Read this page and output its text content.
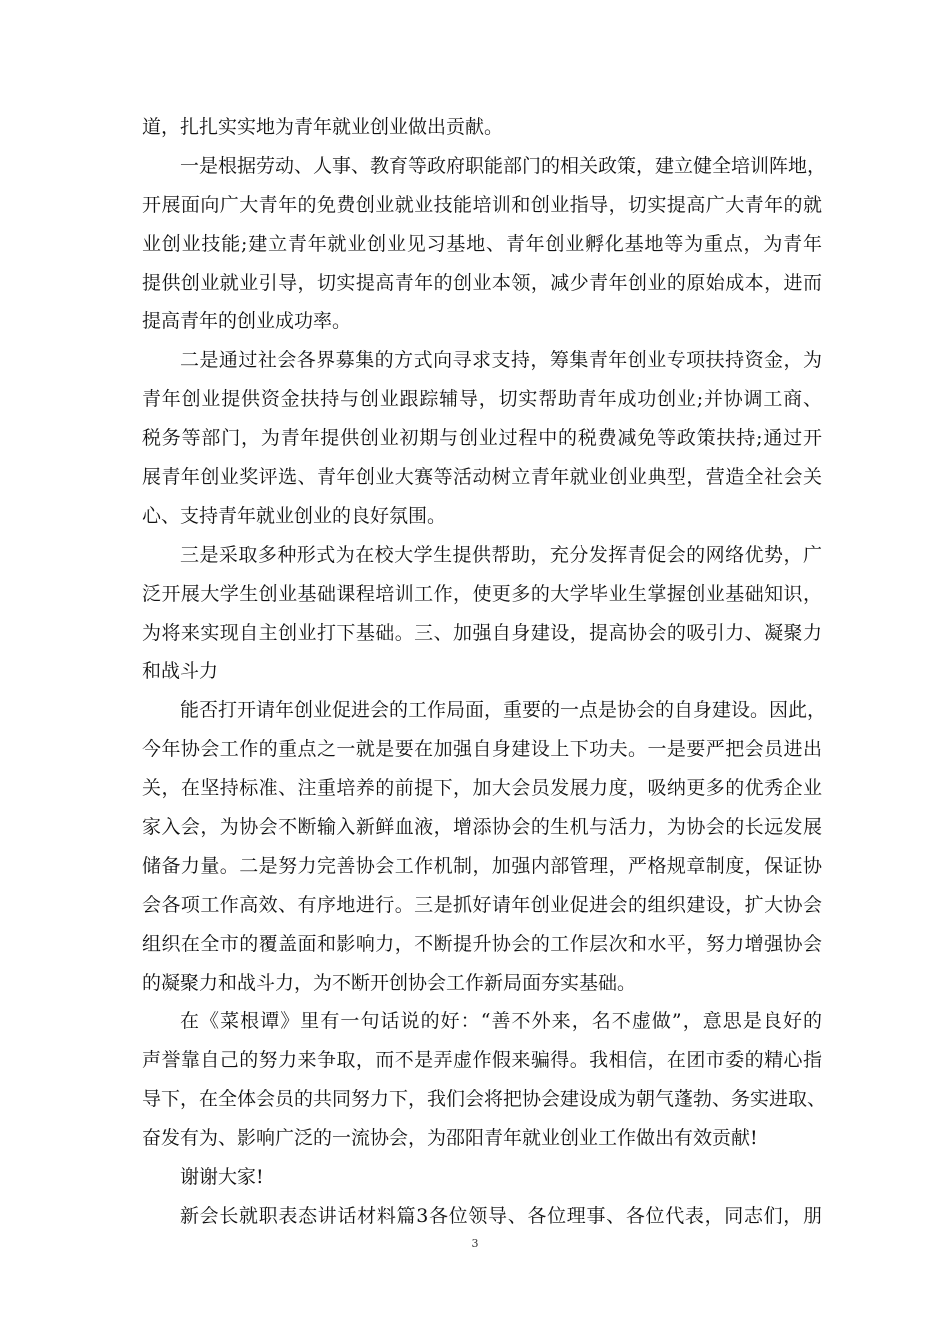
道，扎扎实实地为青年就业创业做出贡献。
一是根据劳动、人事、教育等政府职能部门的相关政策，建立健全培训阵地，
开展面向广大青年的免费创业就业技能培训和创业指导，切实提高广大青年的就
业创业技能;建立青年就业创业见习基地、青年创业孵化基地等为重点，为青年
提供创业就业引导，切实提高青年的创业本领，减少青年创业的原始成本，进而
提高青年的创业成功率。
二是通过社会各界募集的方式向寻求支持，筹集青年创业专项扶持资金，为
青年创业提供资金扶持与创业跟踪辅导，切实帮助青年成功创业;并协调工商、
税务等部门，为青年提供创业初期与创业过程中的税费减免等政策扶持;通过开
展青年创业奖评选、青年创业大赛等活动树立青年就业创业典型，营造全社会关
心、支持青年就业创业的良好氛围。
三是采取多种形式为在校大学生提供帮助，充分发挥青促会的网络优势，广
泛开展大学生创业基础课程培训工作，使更多的大学毕业生掌握创业基础知识，
为将来实现自主创业打下基础。三、加强自身建设，提高协会的吸引力、凝聚力
和战斗力
能否打开请年创业促进会的工作局面，重要的一点是协会的自身建设。因此，
今年协会工作的重点之一就是要在加强自身建设上下功夫。一是要严把会员进出
关，在坚持标准、注重培养的前提下，加大会员发展力度，吸纳更多的优秀企业
家入会，为协会不断输入新鲜血液，增添协会的生机与活力，为协会的长远发展
储备力量。二是努力完善协会工作机制，加强内部管理，严格规章制度，保证协
会各项工作高效、有序地进行。三是抓好请年创业促进会的组织建设，扩大协会
组织在全市的覆盖面和影响力，不断提升协会的工作层次和水平，努力增强协会
的凝聚力和战斗力，为不断开创协会工作新局面夯实基础。
在《菜根谭》里有一句话说的好：“善不外来，名不虚做”，意思是良好的
声誉靠自己的努力来争取，而不是弄虚作假来骗得。我相信，在团市委的精心指
导下，在全体会员的共同努力下，我们会将把协会建设成为朝气蓬勃、务实进取、
奋发有为、影响广泛的一流协会，为邵阳青年就业创业工作做出有效贡献!
谢谢大家!
新会长就职表态讲话材料篇3各位领导、各位理事、各位代表，同志们，朋
3
